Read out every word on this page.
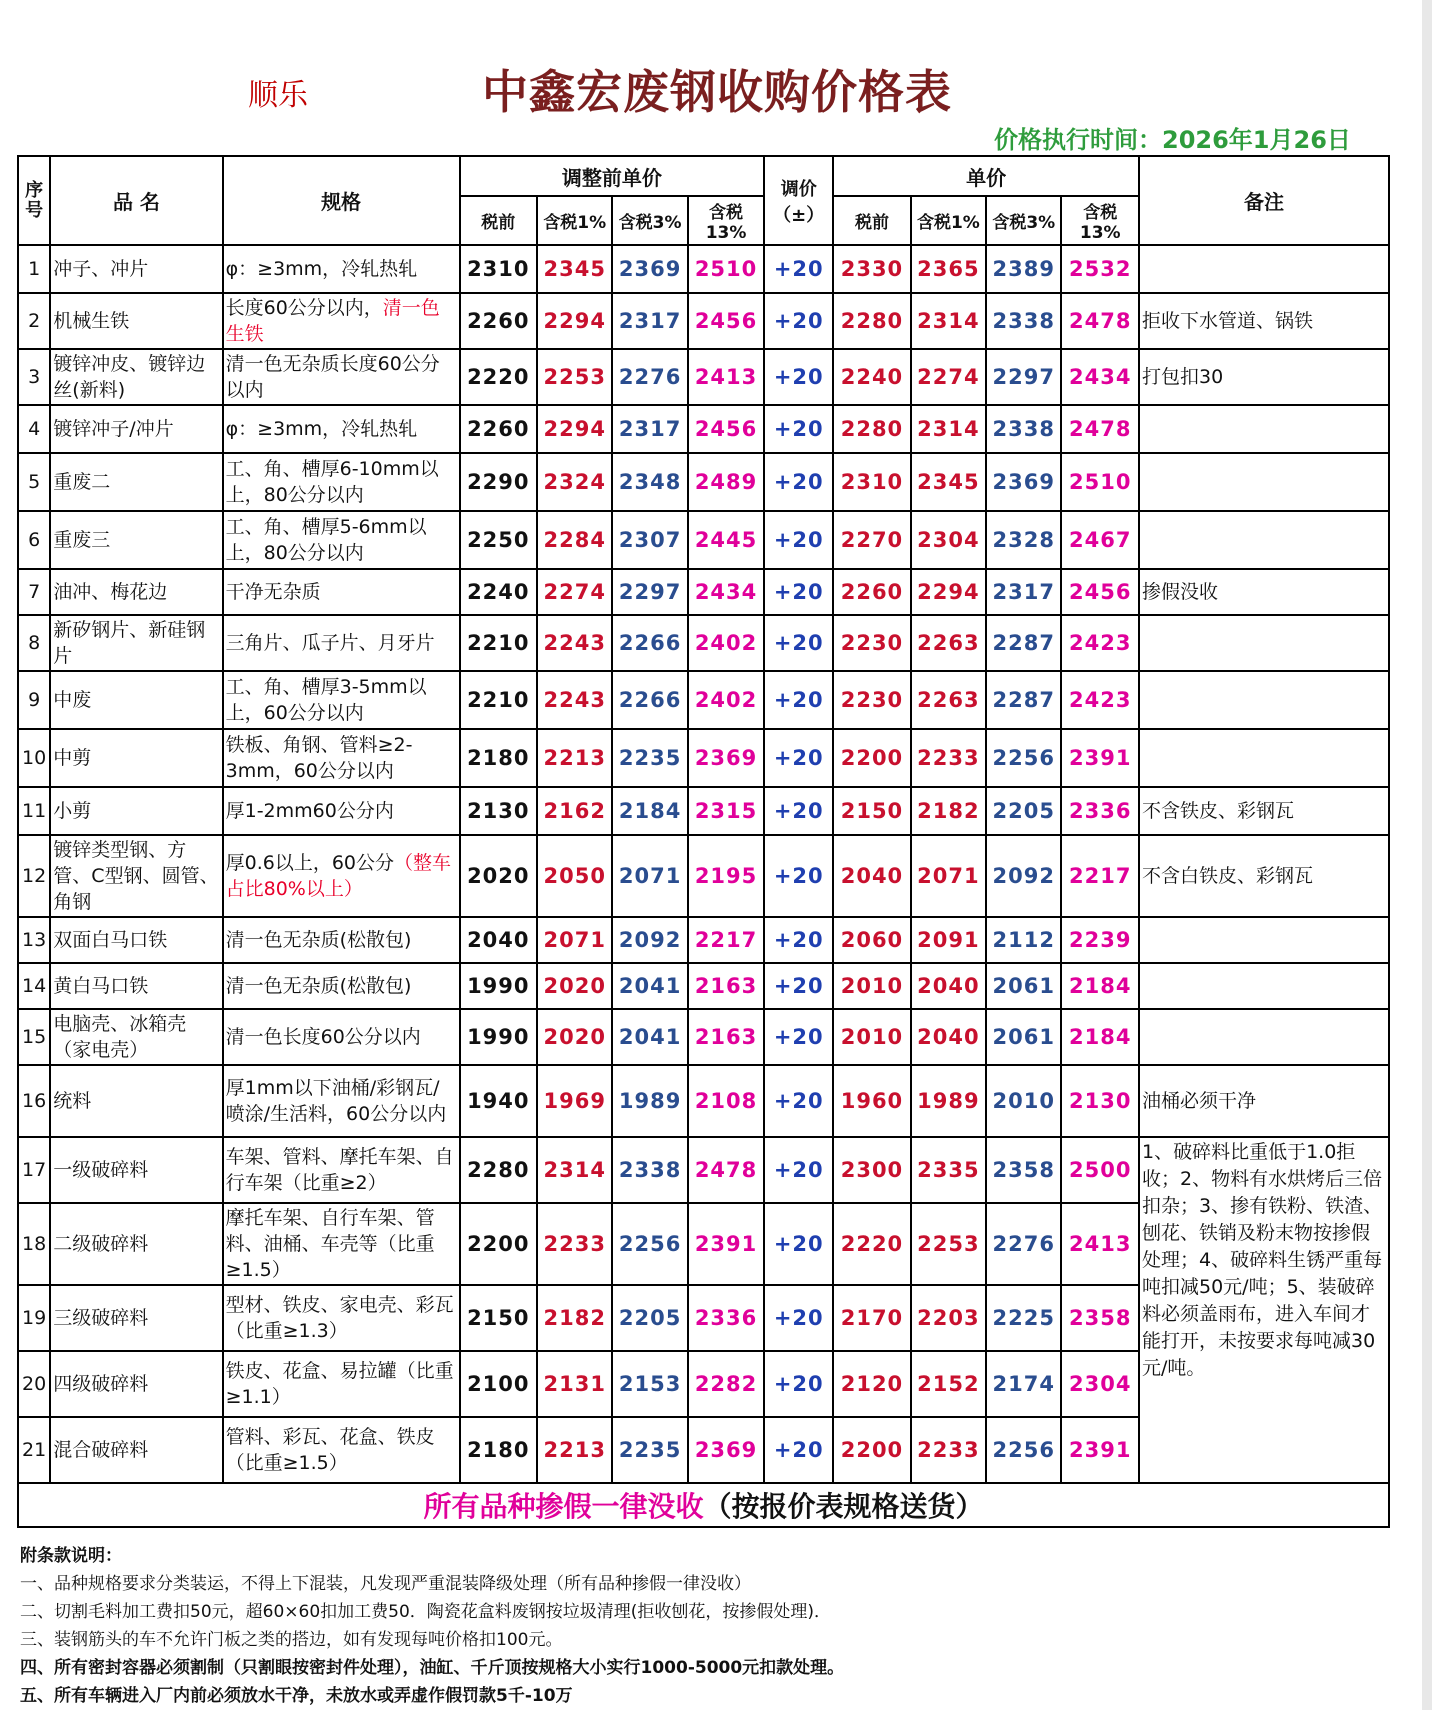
顺乐	中鑫宏废钢收购价格表
价格执行时间：2026年1月26日
序号	品 名	规格	调整前单价				调价（±）	单价				备注
			税前	含税1%	含税3%	含税13%		税前	含税1%	含税3%	含税13%	
1	冲子、冲片	φ：≥3mm，冷轧热轧	2310	2345	2369	2510	+20	2330	2365	2389	2532	
2	机械生铁	长度60公分以内，清一色生铁	2260	2294	2317	2456	+20	2280	2314	2338	2478	拒收下水管道、锅铁
3	镀锌冲皮、镀锌边丝(新料)	清一色无杂质长度60公分以内	2220	2253	2276	2413	+20	2240	2274	2297	2434	打包扣30
4	镀锌冲子/冲片	φ：≥3mm，冷轧热轧	2260	2294	2317	2456	+20	2280	2314	2338	2478	
5	重废二	工、角、槽厚6-10mm以上，80公分以内	2290	2324	2348	2489	+20	2310	2345	2369	2510	
6	重废三	工、角、槽厚5-6mm以上，80公分以内	2250	2284	2307	2445	+20	2270	2304	2328	2467	
7	油冲、梅花边	干净无杂质	2240	2274	2297	2434	+20	2260	2294	2317	2456	掺假没收
8	新矽钢片、新硅钢片	三角片、瓜子片、月牙片	2210	2243	2266	2402	+20	2230	2263	2287	2423	
9	中废	工、角、槽厚3-5mm以上，60公分以内	2210	2243	2266	2402	+20	2230	2263	2287	2423	
10	中剪	铁板、角钢、管料≥2-3mm，60公分以内	2180	2213	2235	2369	+20	2200	2233	2256	2391	
11	小剪	厚1-2mm60公分内	2130	2162	2184	2315	+20	2150	2182	2205	2336	不含铁皮、彩钢瓦
12	镀锌类型钢、方管、C型钢、圆管、角钢	厚0.6以上，60公分（整车占比80%以上）	2020	2050	2071	2195	+20	2040	2071	2092	2217	不含白铁皮、彩钢瓦
13	双面白马口铁	清一色无杂质(松散包)	2040	2071	2092	2217	+20	2060	2091	2112	2239	
14	黄白马口铁	清一色无杂质(松散包)	1990	2020	2041	2163	+20	2010	2040	2061	2184	
15	电脑壳、冰箱壳（家电壳）	清一色长度60公分以内	1990	2020	2041	2163	+20	2010	2040	2061	2184	
16	统料	厚1mm以下油桶/彩钢瓦/喷涂/生活料，60公分以内	1940	1969	1989	2108	+20	1960	1989	2010	2130	油桶必须干净
17	一级破碎料	车架、管料、摩托车架、自行车架（比重≥2）	2280	2314	2338	2478	+20	2300	2335	2358	2500	1、破碎料比重低于1.0拒收；2、物料有水烘烤后三倍扣杂；3、掺有铁粉、铁渣、刨花、铁销及粉末物按掺假处理；4、破碎料生锈严重每吨扣减50元/吨；5、装破碎料必须盖雨布，进入车间才能打开，未按要求每吨减30元/吨。
18	二级破碎料	摩托车架、自行车架、管料、油桶、车壳等（比重≥1.5）	2200	2233	2256	2391	+20	2220	2253	2276	2413	
19	三级破碎料	型材、铁皮、家电壳、彩瓦（比重≥1.3）	2150	2182	2205	2336	+20	2170	2203	2225	2358	
20	四级破碎料	铁皮、花盒、易拉罐（比重≥1.1）	2100	2131	2153	2282	+20	2120	2152	2174	2304	
21	混合破碎料	管料、彩瓦、花盒、铁皮（比重≥1.5）	2180	2213	2235	2369	+20	2200	2233	2256	2391	
所有品种掺假一律没收（按报价表规格送货）												
附条款说明：
一、品种规格要求分类装运，不得上下混装，凡发现严重混装降级处理（所有品种掺假一律没收）
二、切割毛料加工费扣50元，超60×60扣加工费50．陶瓷花盒料废钢按垃圾清理(拒收刨花，按掺假处理)．
三、装钢筋头的车不允许门板之类的搭边，如有发现每吨价格扣100元。
四、所有密封容器必须割制（只割眼按密封件处理），油缸、千斤顶按规格大小实行1000-5000元扣款处理。
五、所有车辆进入厂内前必须放水干净，未放水或弄虚作假罚款5千-10万
